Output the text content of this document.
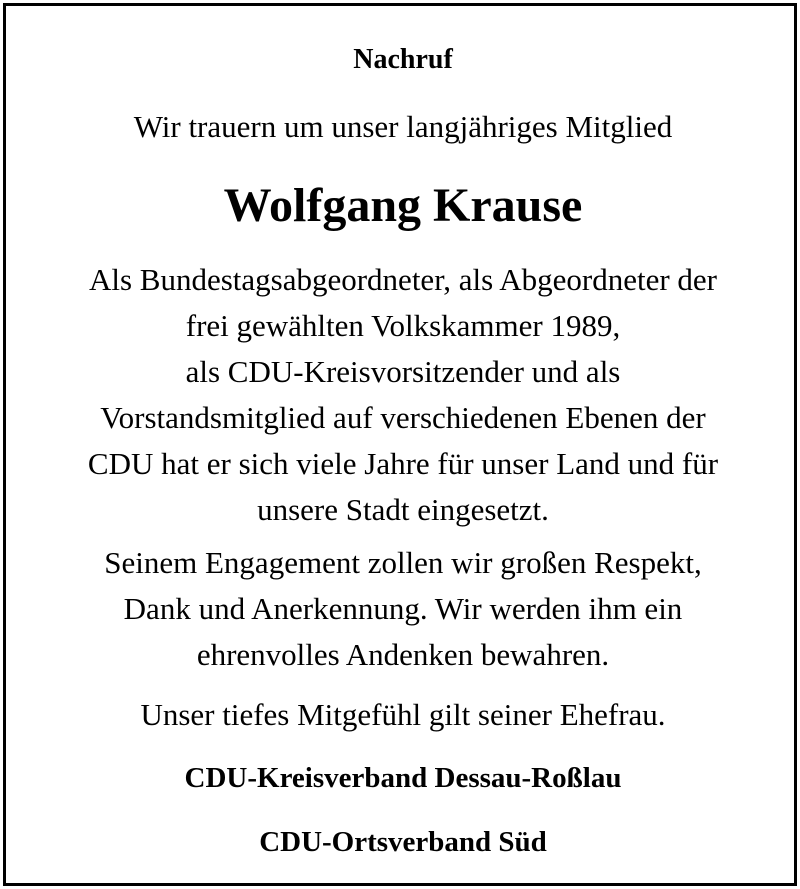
Nachruf
Wir trauern um unser langjähriges Mitglied
Wolfgang Krause
Als Bundestagsabgeordneter, als Abgeordneter der
frei gewählten Volkskammer 1989,
als CDU-Kreisvorsitzender und als
Vorstandsmitglied auf verschiedenen Ebenen der
CDU hat er sich viele Jahre für unser Land und für
unsere Stadt eingesetzt.
Seinem Engagement zollen wir großen Respekt,
Dank und Anerkennung. Wir werden ihm ein
ehrenvolles Andenken bewahren.
Unser tiefes Mitgefühl gilt seiner Ehefrau.
CDU-Kreisverband Dessau-Roßlau
CDU-Ortsverband Süd
